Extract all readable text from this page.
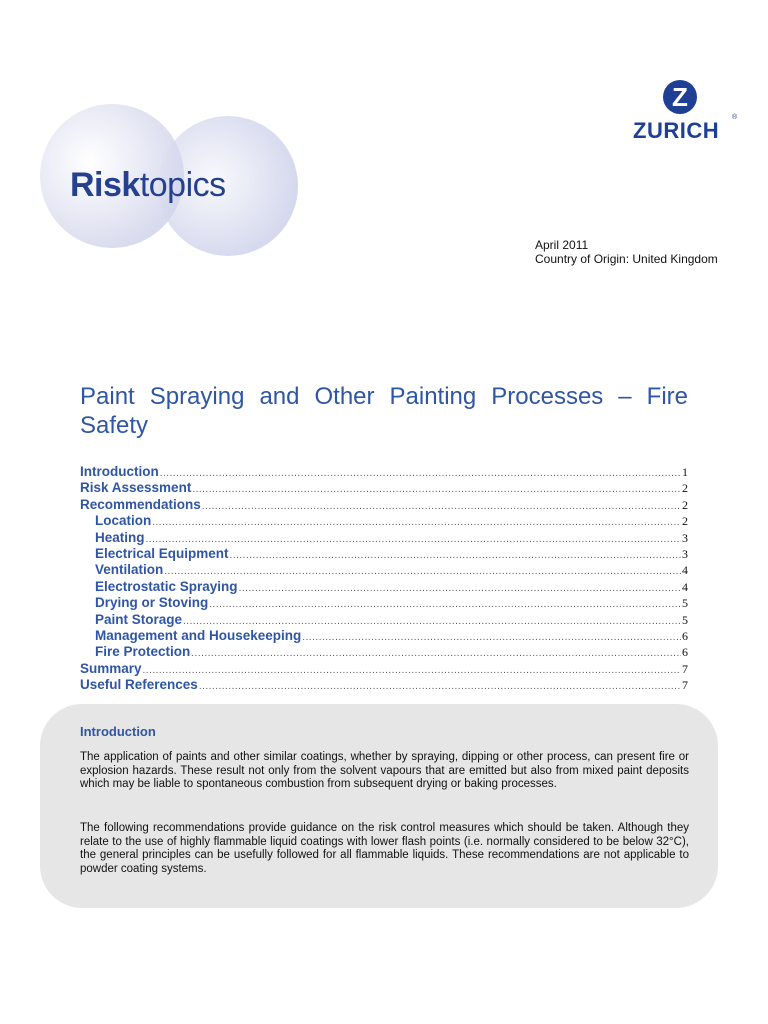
Risktopics
Z
ZURICH
®
April 2011
Country of Origin: United Kingdom
Paint Spraying and Other Painting Processes – Fire Safety
Introduction .....	1
Risk Assessment .....	2
Recommendations .....	2
Location .....	2
Heating .....	3
Electrical Equipment .....	3
Ventilation .....	4
Electrostatic Spraying .....	4
Drying or Stoving .....	5
Paint Storage .....	5
Management and Housekeeping .....	6
Fire Protection .....	6
Summary .....	7
Useful References .....	7
Introduction
The application of paints and other similar coatings, whether by spraying, dipping or other process, can present fire or explosion hazards. These result not only from the solvent vapours that are emitted but also from mixed paint deposits which may be liable to spontaneous combustion from subsequent drying or baking processes.
The following recommendations provide guidance on the risk control measures which should be taken. Although they relate to the use of highly flammable liquid coatings with lower flash points (i.e. normally considered to be below 32°C), the general principles can be usefully followed for all flammable liquids. These recommendations are not applicable to powder coating systems.
